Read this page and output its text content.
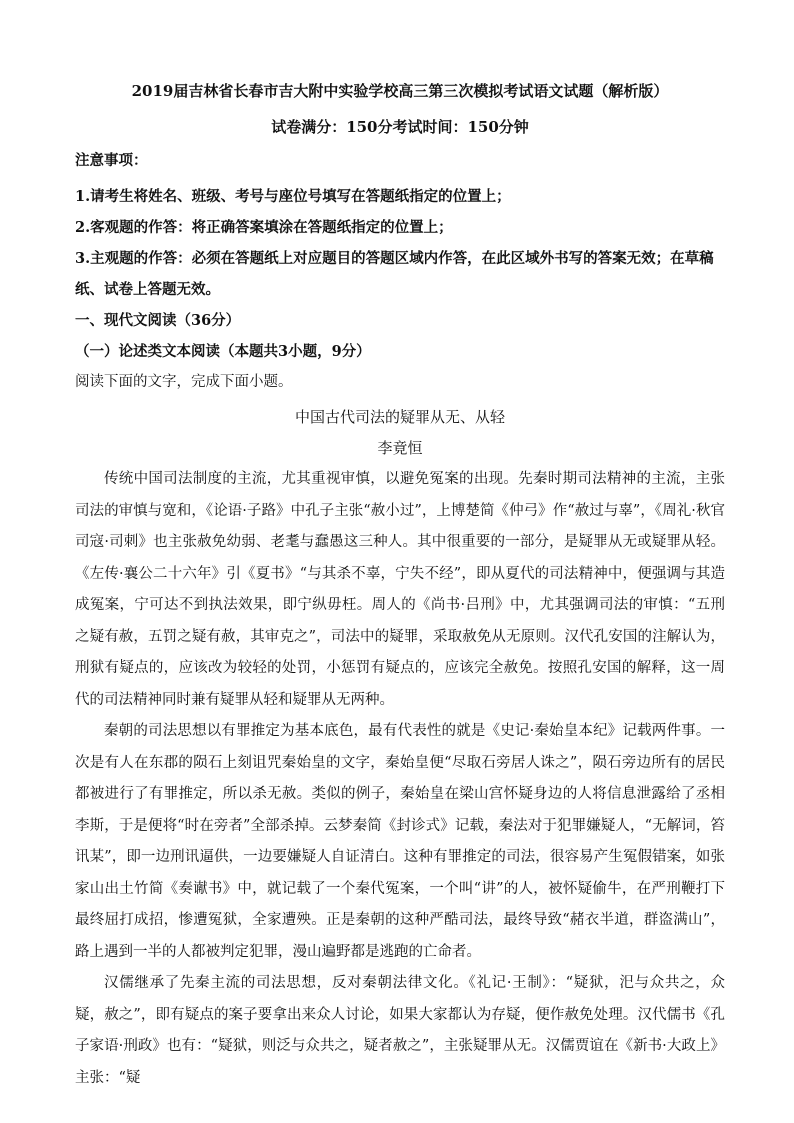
2019届吉林省长春市吉大附中实验学校高三第三次模拟考试语文试题（解析版）

试卷满分：150分考试时间：150分钟

注意事项：

1.请考生将姓名、班级、考号与座位号填写在答题纸指定的位置上；

2.客观题的作答：将正确答案填涂在答题纸指定的位置上；

3.主观题的作答：必须在答题纸上对应题目的答题区域内作答，在此区域外书写的答案无效；在草稿纸、试卷上答题无效。

一、现代文阅读（36分）

（一）论述类文本阅读（本题共3小题，9分）

阅读下面的文字，完成下面小题。

中国古代司法的疑罪从无、从轻

李竟恒

传统中国司法制度的主流，尤其重视审慎，以避免冤案的出现。先秦时期司法精神的主流，主张司法的审慎与宽和，《论语·子路》中孔子主张“赦小过”，上博楚简《仲弓》作“赦过与辜”，《周礼·秋官司寇·司刺》也主张赦免幼弱、老耄与蠢愚这三种人。其中很重要的一部分，是疑罪从无或疑罪从轻。《左传·襄公二十六年》引《夏书》“与其杀不辜，宁失不经”，即从夏代的司法精神中，便强调与其造成冤案，宁可达不到执法效果，即宁纵毋枉。周人的《尚书·吕刑》中，尤其强调司法的审慎：“五刑之疑有赦，五罚之疑有赦，其审克之”，司法中的疑罪，采取赦免从无原则。汉代孔安国的注解认为，刑狱有疑点的，应该改为较轻的处罚，小惩罚有疑点的，应该完全赦免。按照孔安国的解释，这一周代的司法精神同时兼有疑罪从轻和疑罪从无两种。

秦朝的司法思想以有罪推定为基本底色，最有代表性的就是《史记·秦始皇本纪》记载两件事。一次是有人在东郡的陨石上刻诅咒秦始皇的文字，秦始皇便“尽取石旁居人诛之”，陨石旁边所有的居民都被进行了有罪推定，所以杀无赦。类似的例子，秦始皇在梁山宫怀疑身边的人将信息泄露给了丞相李斯，于是便将“时在旁者”全部杀掉。云梦秦简《封诊式》记载，秦法对于犯罪嫌疑人，“无解词，笞讯某”，即一边刑讯逼供，一边要嫌疑人自证清白。这种有罪推定的司法，很容易产生冤假错案，如张家山出土竹简《奏谳书》中，就记载了一个秦代冤案，一个叫“讲”的人，被怀疑偷牛，在严刑鞭打下最终屈打成招，惨遭冤狱，全家遭殃。正是秦朝的这种严酷司法，最终导致“赭衣半道，群盗满山”，路上遇到一半的人都被判定犯罪，漫山遍野都是逃跑的亡命者。

汉儒继承了先秦主流的司法思想，反对秦朝法律文化。《礼记·王制》：“疑狱，汜与众共之，众疑，赦之”，即有疑点的案子要拿出来众人讨论，如果大家都认为存疑，便作赦免处理。汉代儒书《孔子家语·刑政》也有：“疑狱，则泛与众共之，疑者赦之”，主张疑罪从无。汉儒贾谊在《新书·大政上》主张：“疑
